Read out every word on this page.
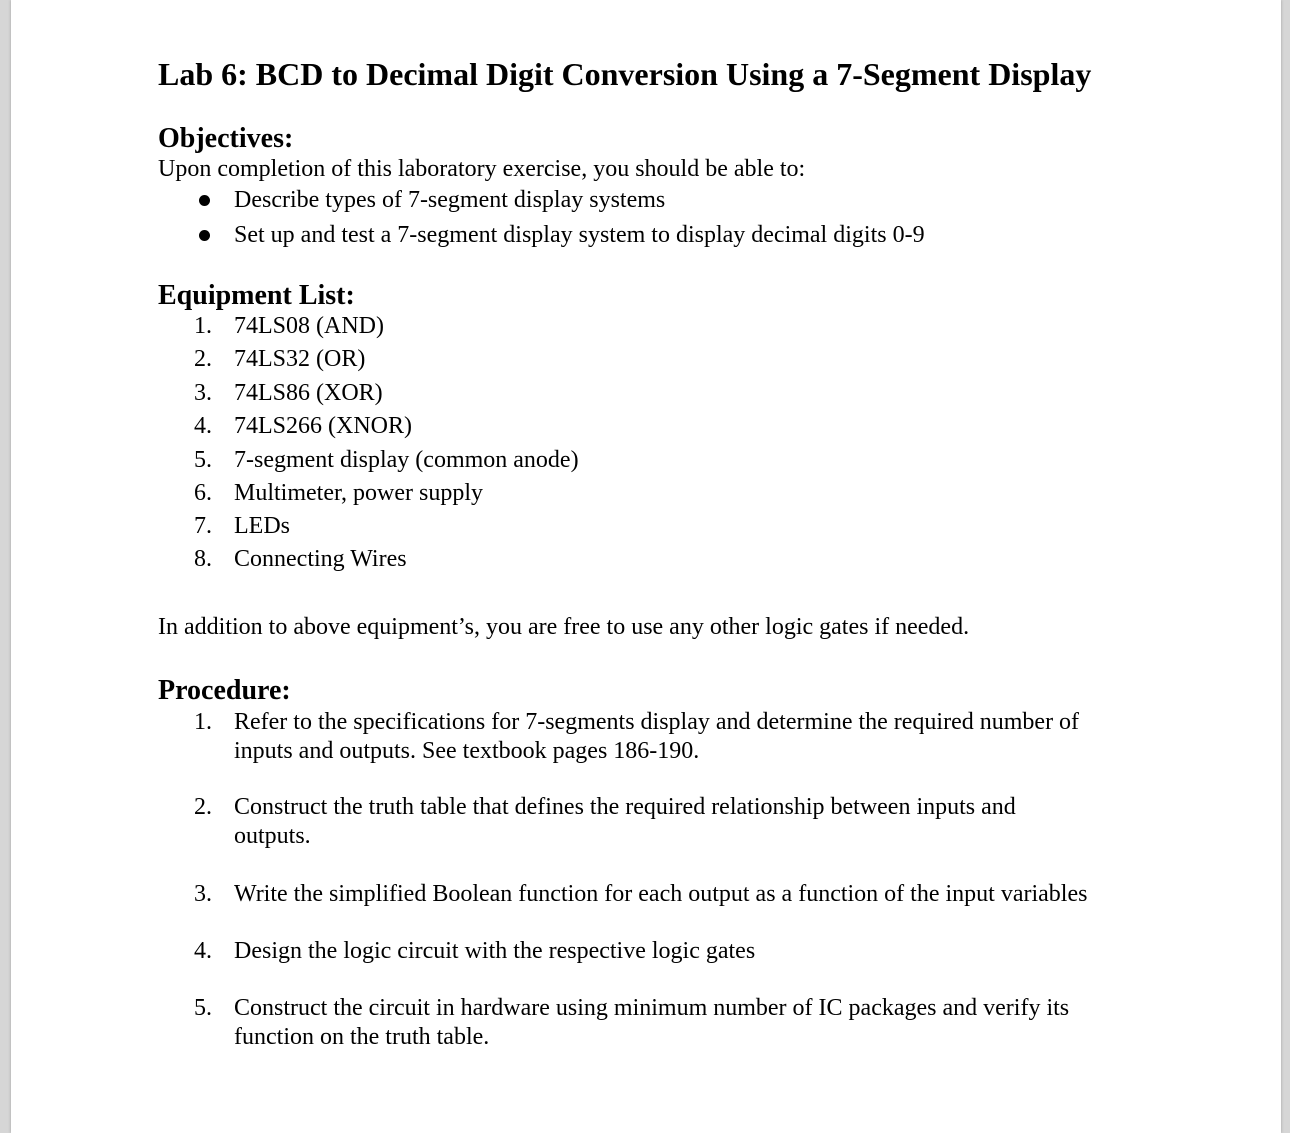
Lab 6: BCD to Decimal Digit Conversion Using a 7-Segment Display
Objectives:
Upon completion of this laboratory exercise, you should be able to:
Describe types of 7-segment display systems
Set up and test a 7-segment display system to display decimal digits 0-9
Equipment List:
1. 74LS08 (AND)
2. 74LS32 (OR)
3. 74LS86 (XOR)
4. 74LS266 (XNOR)
5. 7-segment display (common anode)
6. Multimeter, power supply
7. LEDs
8. Connecting Wires
In addition to above equipment’s, you are free to use any other logic gates if needed.
Procedure:
1. Refer to the specifications for 7-segments display and determine the required number of
inputs and outputs. See textbook pages 186-190.
2. Construct the truth table that defines the required relationship between inputs and
outputs.
3. Write the simplified Boolean function for each output as a function of the input variables
4. Design the logic circuit with the respective logic gates
5. Construct the circuit in hardware using minimum number of IC packages and verify its
function on the truth table.
